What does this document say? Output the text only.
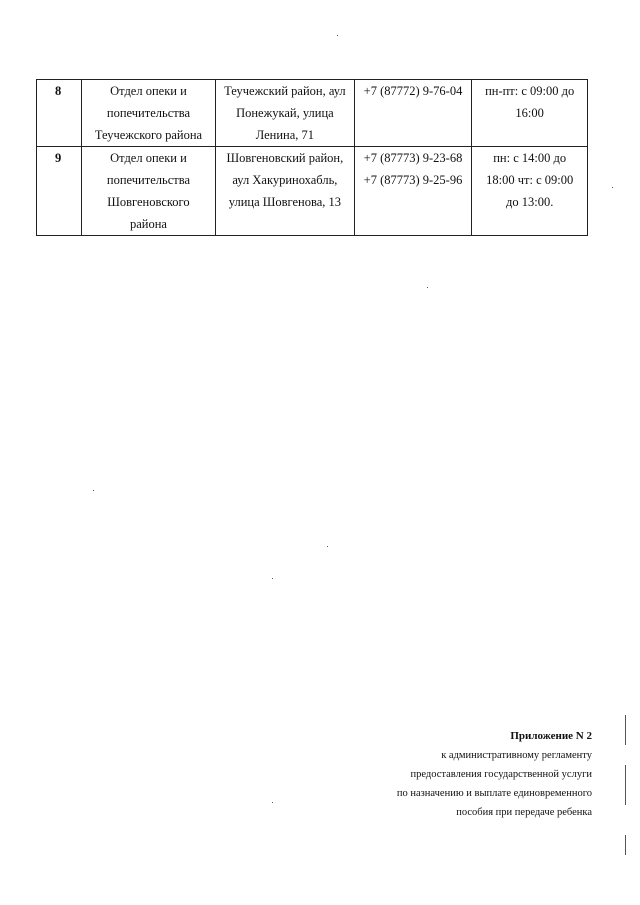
8	Отдел опеки и
попечительства
Теучежского района	Теучежский район, аул
Понежукай, улица
Ленина, 71	+7 (87772) 9-76-04	пн-пт: с 09:00 до
16:00

9	Отдел опеки и
попечительства
Шовгеновского
района	Шовгеновский район,
аул Хакуринохабль,
улица Шовгенова, 13	+7 (87773) 9-23-68
+7 (87773) 9-25-96	пн: с 14:00 до
18:00 чт: с 09:00
до 13:00.
Приложение N 2
к административному регламенту
предоставления государственной услуги
по назначению и выплате единовременного
пособия при передаче ребенка
